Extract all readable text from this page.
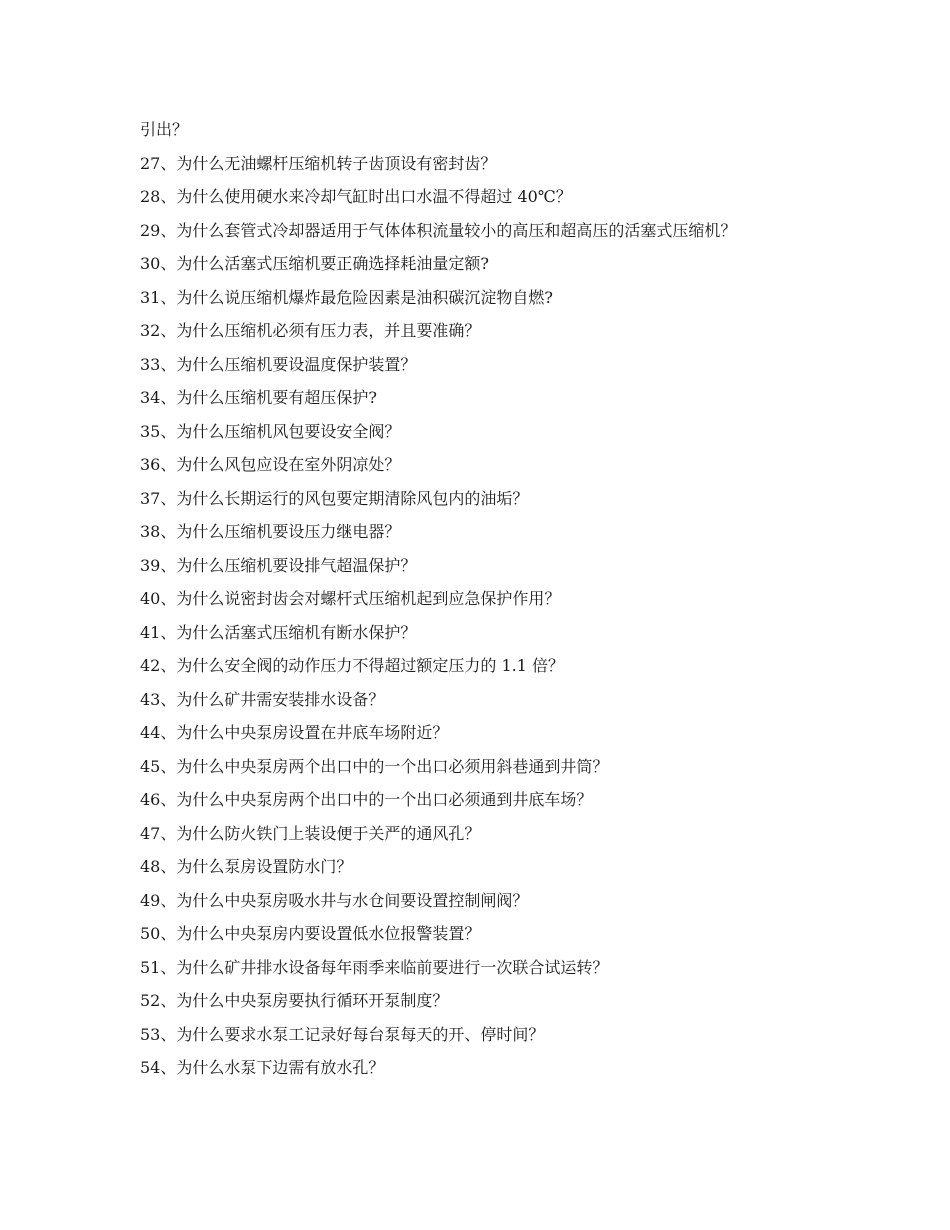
引出？
27、为什么无油螺杆压缩机转子齿顶设有密封齿？
28、为什么使用硬水来冷却气缸时出口水温不得超过 40℃？
29、为什么套管式冷却器适用于气体体积流量较小的高压和超高压的活塞式压缩机？
30、为什么活塞式压缩机要正确选择耗油量定额?
31、为什么说压缩机爆炸最危险因素是油积碳沉淀物自燃?
32、为什么压缩机必须有压力表，并且要准确？
33、为什么压缩机要设温度保护装置？
34、为什么压缩机要有超压保护?
35、为什么压缩机风包要设安全阀？
36、为什么风包应设在室外阴凉处？
37、为什么长期运行的风包要定期清除风包内的油垢？
38、为什么压缩机要设压力继电器？
39、为什么压缩机要设排气超温保护？
40、为什么说密封齿会对螺杆式压缩机起到应急保护作用？
41、为什么活塞式压缩机有断水保护？
42、为什么安全阀的动作压力不得超过额定压力的 1.1 倍？
43、为什么矿井需安装排水设备？
44、为什么中央泵房设置在井底车场附近？
45、为什么中央泵房两个出口中的一个出口必须用斜巷通到井筒？
46、为什么中央泵房两个出口中的一个出口必须通到井底车场？
47、为什么防火铁门上装设便于关严的通风孔？
48、为什么泵房设置防水门？
49、为什么中央泵房吸水井与水仓间要设置控制闸阀？
50、为什么中央泵房内要设置低水位报警装置？
51、为什么矿井排水设备每年雨季来临前要进行一次联合试运转？
52、为什么中央泵房要执行循环开泵制度？
53、为什么要求水泵工记录好每台泵每天的开、停时间？
54、为什么水泵下边需有放水孔？
